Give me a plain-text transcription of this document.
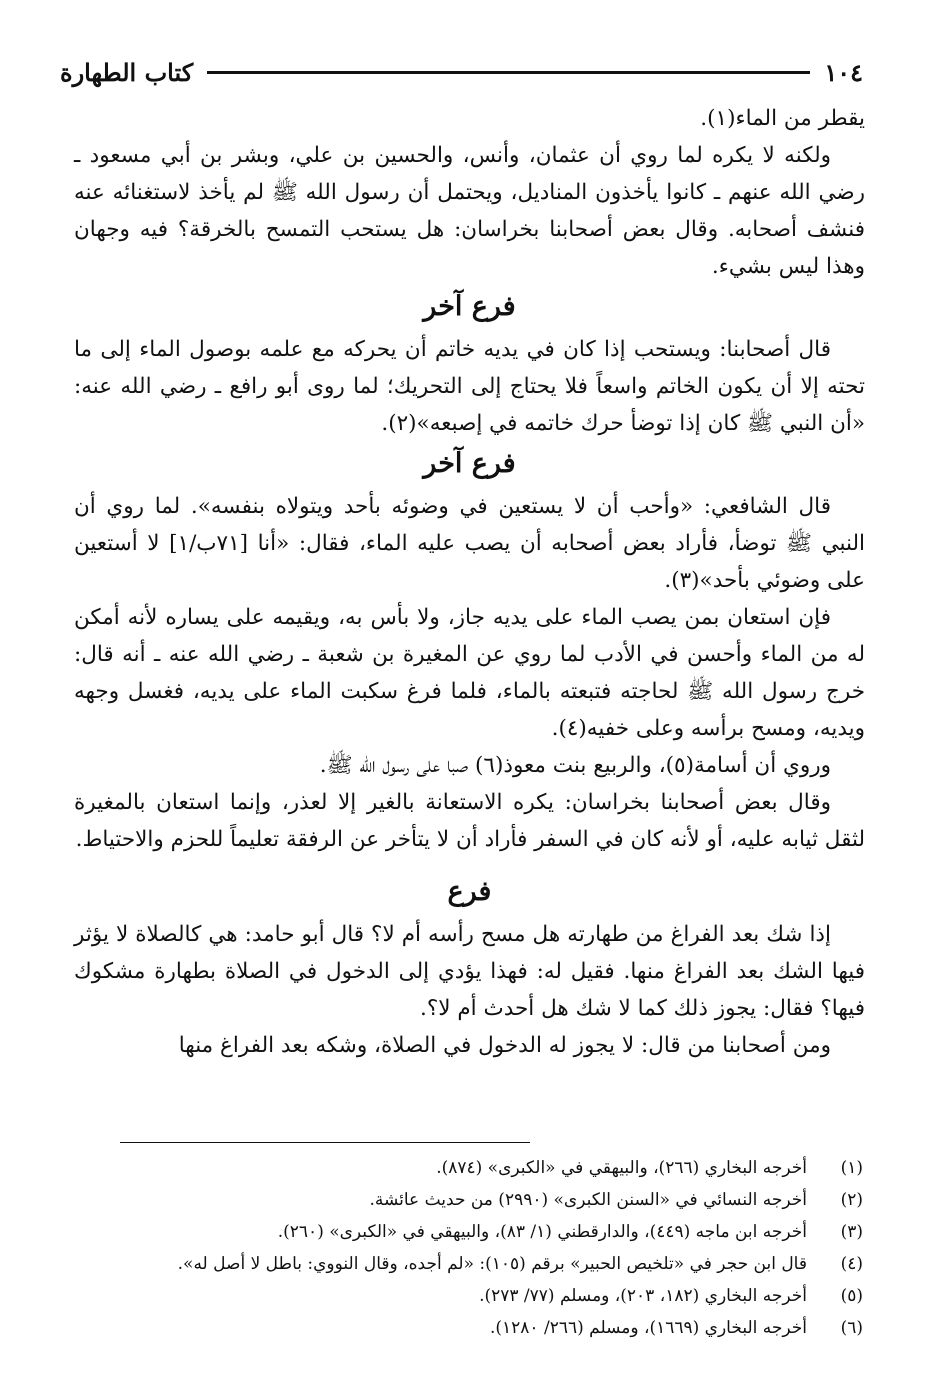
١٠٤
كتاب الطهارة

يقطر من الماء(١).

ولكنه لا يكره لما روي أن عثمان، وأنس، والحسين بن علي، وبشر بن أبي مسعود ـ رضي الله عنهم ـ كانوا يأخذون المناديل، ويحتمل أن رسول الله ﷺ لم يأخذ لاستغنائه عنه فنشف أصحابه. وقال بعض أصحابنا بخراسان: هل يستحب التمسح بالخرقة؟ فيه وجهان وهذا ليس بشيء.

فرع آخر

قال أصحابنا: ويستحب إذا كان في يديه خاتم أن يحركه مع علمه بوصول الماء إلى ما تحته إلا أن يكون الخاتم واسعاً فلا يحتاج إلى التحريك؛ لما روى أبو رافع ـ رضي الله عنه: «أن النبي ﷺ كان إذا توضأ حرك خاتمه في إصبعه»(٢).

فرع آخر

قال الشافعي: «وأحب أن لا يستعين في وضوئه بأحد ويتولاه بنفسه». لما روي أن النبي ﷺ توضأ، فأراد بعض أصحابه أن يصب عليه الماء، فقال: «أنا [٧١ب/١] لا أستعين على وضوئي بأحد»(٣).

فإن استعان بمن يصب الماء على يديه جاز، ولا بأس به، ويقيمه على يساره لأنه أمكن له من الماء وأحسن في الأدب لما روي عن المغيرة بن شعبة ـ رضي الله عنه ـ أنه قال: خرج رسول الله ﷺ لحاجته فتبعته بالماء، فلما فرغ سكبت الماء على يديه، فغسل وجهه ويديه، ومسح برأسه وعلى خفيه(٤).

وروي أن أسامة(٥)، والربيع بنت معوذ(٦) صبا على رسول الله ﷺ.

وقال بعض أصحابنا بخراسان: يكره الاستعانة بالغير إلا لعذر، وإنما استعان بالمغيرة لثقل ثيابه عليه، أو لأنه كان في السفر فأراد أن لا يتأخر عن الرفقة تعليماً للحزم والاحتياط.

فرع

إذا شك بعد الفراغ من طهارته هل مسح رأسه أم لا؟ قال أبو حامد: هي كالصلاة لا يؤثر فيها الشك بعد الفراغ منها. فقيل له: فهذا يؤدي إلى الدخول في الصلاة بطهارة مشكوك فيها؟ فقال: يجوز ذلك كما لا شك هل أحدث أم لا؟.

ومن أصحابنا من قال: لا يجوز له الدخول في الصلاة، وشكه بعد الفراغ منها

(١)
أخرجه البخاري (٢٦٦)، والبيهقي في «الكبرى» (٨٧٤).
(٢)
أخرجه النسائي في «السنن الكبرى» (٢٩٩٠) من حديث عائشة.
(٣)
أخرجه ابن ماجه (٤٤٩)، والدارقطني (١/ ٨٣)، والبيهقي في «الكبرى» (٢٦٠).
(٤)
قال ابن حجر في «تلخيص الحبير» برقم (١٠٥): «لم أجده، وقال النووي: باطل لا أصل له».
(٥)
أخرجه البخاري (١٨٢، ٢٠٣)، ومسلم (٧٧/ ٢٧٣).
(٦)
أخرجه البخاري (١٦٦٩)، ومسلم (٢٦٦/ ١٢٨٠).
